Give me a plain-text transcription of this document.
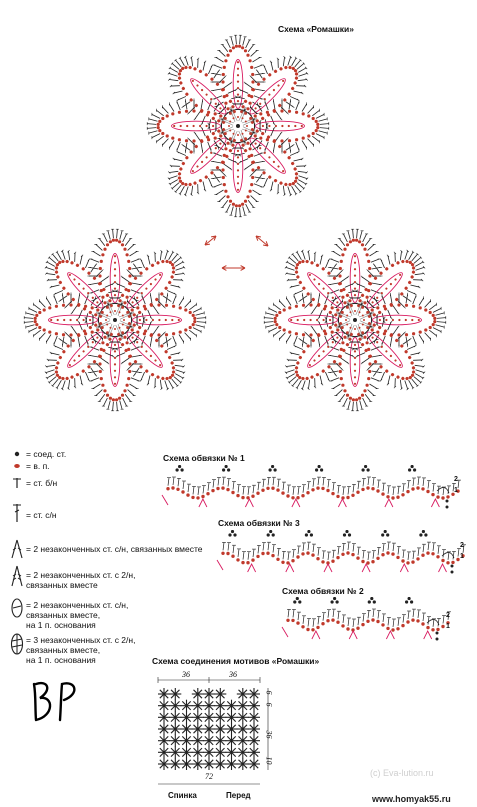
Схема «Ромашки»
= соед. ст.
= в. п.
= ст. б/н
= ст. с/н
= 2 незаконченных ст. с/н, связанных вместе
= 2 незаконченных ст. с 2/н,
связанных вместе
= 2 незаконченных ст. с/н,
связанных вместе,
на 1 п. основания
= 3 незаконченных ст. с 2/н,
связанных вместе,
на 1 п. основания
Схема обвязки № 1
2
1
Схема обвязки № 3
2
1
Схема обвязки № 2
2
1
Схема соединения мотивов «Ромашки»
36	36
6
6
36
10
72
Спинка	Перед
(c) Eva-lution.ru
www.homyak55.ru
